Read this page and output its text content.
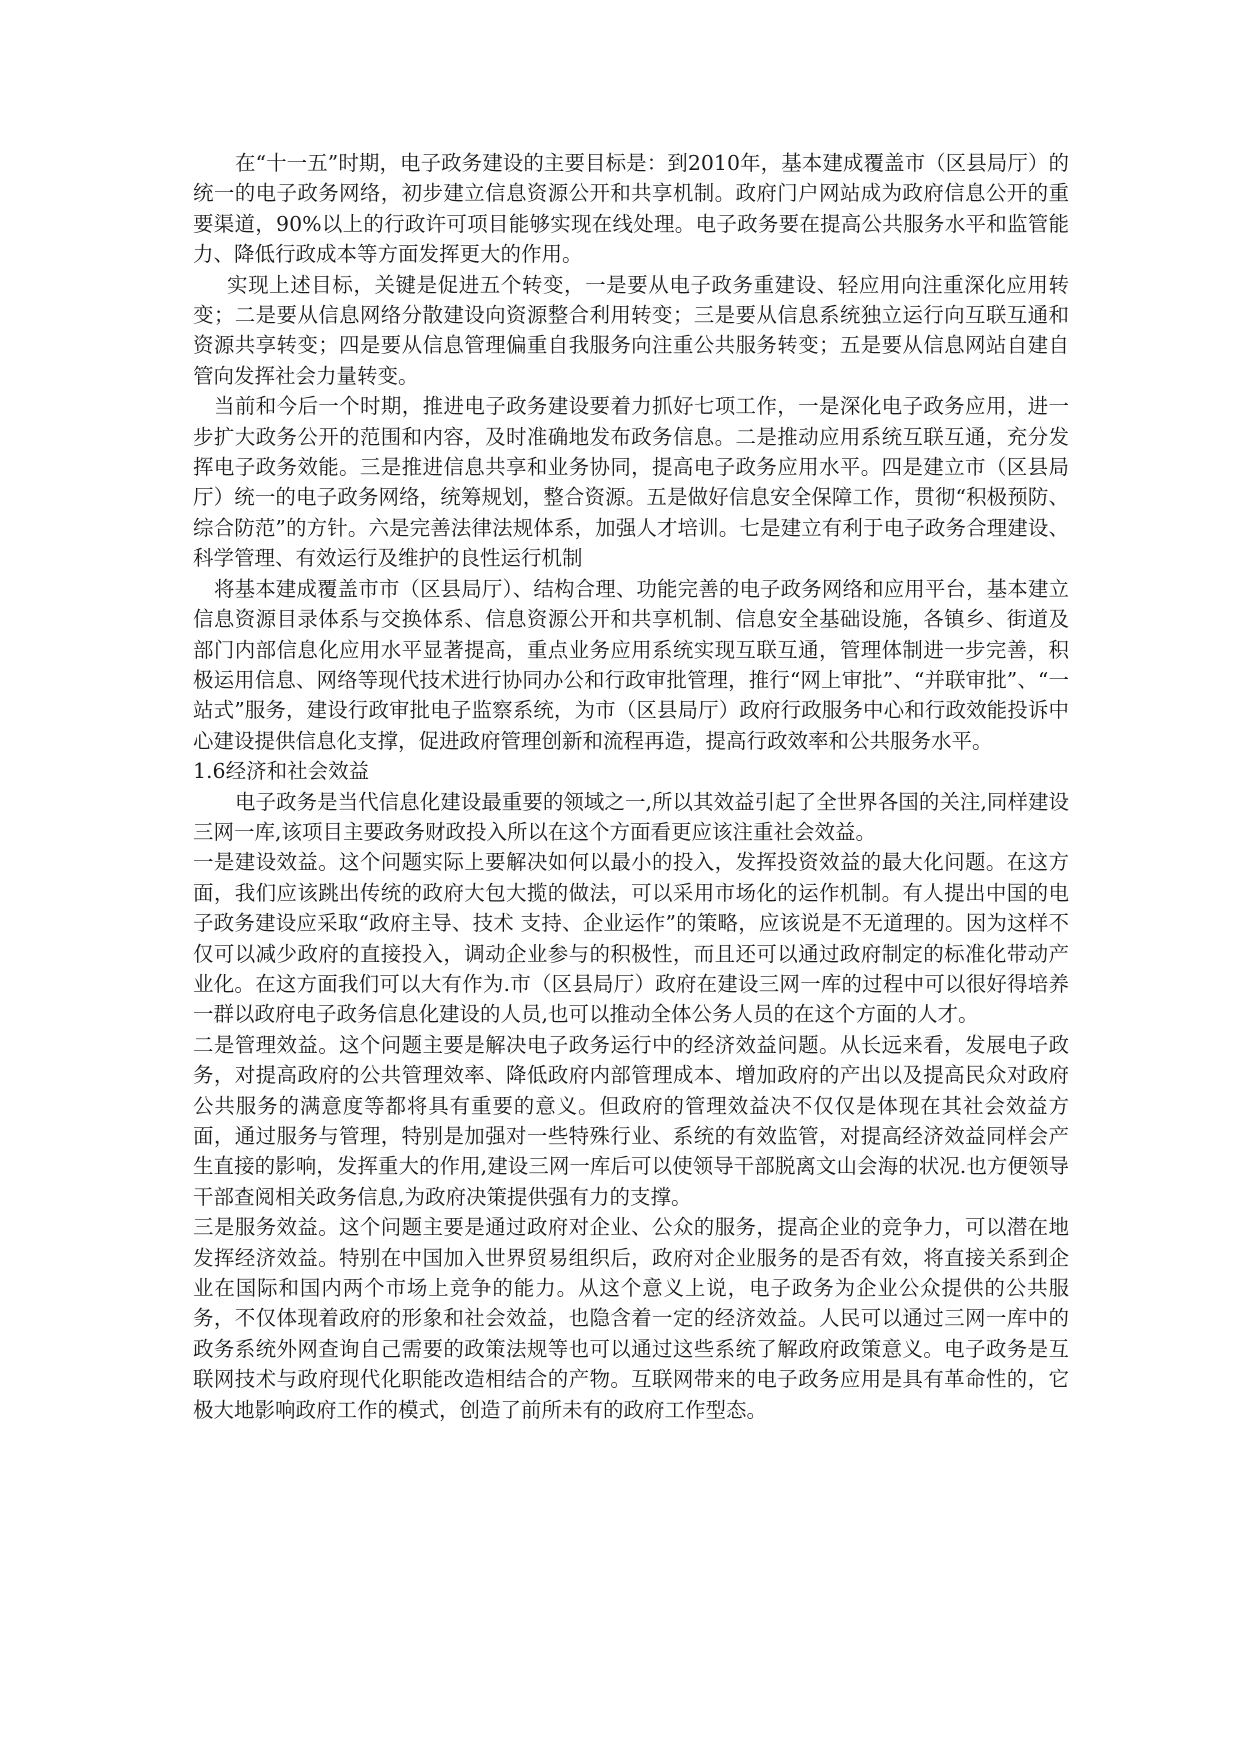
在“十一五”时期，电子政务建设的主要目标是：到2010年，基本建成覆盖市（区县局厅）的统一的电子政务网络，初步建立信息资源公开和共享机制。政府门户网站成为政府信息公开的重要渠道，90%以上的行政许可项目能够实现在线处理。电子政务要在提高公共服务水平和监管能力、降低行政成本等方面发挥更大的作用。

实现上述目标，关键是促进五个转变，一是要从电子政务重建设、轻应用向注重深化应用转变；二是要从信息网络分散建设向资源整合利用转变；三是要从信息系统独立运行向互联互通和资源共享转变；四是要从信息管理偏重自我服务向注重公共服务转变；五是要从信息网站自建自管向发挥社会力量转变。

当前和今后一个时期，推进电子政务建设要着力抓好七项工作，一是深化电子政务应用，进一步扩大政务公开的范围和内容，及时准确地发布政务信息。二是推动应用系统互联互通，充分发挥电子政务效能。三是推进信息共享和业务协同，提高电子政务应用水平。四是建立市（区县局厅）统一的电子政务网络，统筹规划，整合资源。五是做好信息安全保障工作，贯彻“积极预防、综合防范”的方针。六是完善法律法规体系，加强人才培训。七是建立有利于电子政务合理建设、科学管理、有效运行及维护的良性运行机制

将基本建成覆盖市市（区县局厅）、结构合理、功能完善的电子政务网络和应用平台，基本建立信息资源目录体系与交换体系、信息资源公开和共享机制、信息安全基础设施，各镇乡、街道及部门内部信息化应用水平显著提高，重点业务应用系统实现互联互通，管理体制进一步完善，积极运用信息、网络等现代技术进行协同办公和行政审批管理，推行“网上审批”、“并联审批”、“一站式”服务，建设行政审批电子监察系统，为市（区县局厅）政府行政服务中心和行政效能投诉中心建设提供信息化支撑，促进政府管理创新和流程再造，提高行政效率和公共服务水平。

1.6经济和社会效益

电子政务是当代信息化建设最重要的领域之一,所以其效益引起了全世界各国的关注,同样建设三网一库,该项目主要政务财政投入所以在这个方面看更应该注重社会效益。

一是建设效益。这个问题实际上要解决如何以最小的投入，发挥投资效益的最大化问题。在这方面，我们应该跳出传统的政府大包大揽的做法，可以采用市场化的运作机制。有人提出中国的电子政务建设应采取“政府主导、技术 支持、企业运作”的策略，应该说是不无道理的。因为这样不仅可以减少政府的直接投入，调动企业参与的积极性，而且还可以通过政府制定的标准化带动产业化。在这方面我们可以大有作为.市（区县局厅）政府在建设三网一库的过程中可以很好得培养一群以政府电子政务信息化建设的人员,也可以推动全体公务人员的在这个方面的人才。

二是管理效益。这个问题主要是解决电子政务运行中的经济效益问题。从长远来看，发展电子政务，对提高政府的公共管理效率、降低政府内部管理成本、增加政府的产出以及提高民众对政府公共服务的满意度等都将具有重要的意义。但政府的管理效益决不仅仅是体现在其社会效益方面，通过服务与管理，特别是加强对一些特殊行业、系统的有效监管，对提高经济效益同样会产生直接的影响，发挥重大的作用,建设三网一库后可以使领导干部脱离文山会海的状况.也方便领导干部查阅相关政务信息,为政府决策提供强有力的支撑。

三是服务效益。这个问题主要是通过政府对企业、公众的服务，提高企业的竞争力，可以潜在地发挥经济效益。特别在中国加入世界贸易组织后，政府对企业服务的是否有效，将直接关系到企业在国际和国内两个市场上竞争的能力。从这个意义上说，电子政务为企业公众提供的公共服务，不仅体现着政府的形象和社会效益，也隐含着一定的经济效益。人民可以通过三网一库中的政务系统外网查询自己需要的政策法规等也可以通过这些系统了解政府政策意义。电子政务是互联网技术与政府现代化职能改造相结合的产物。互联网带来的电子政务应用是具有革命性的，它极大地影响政府工作的模式，创造了前所未有的政府工作型态。
